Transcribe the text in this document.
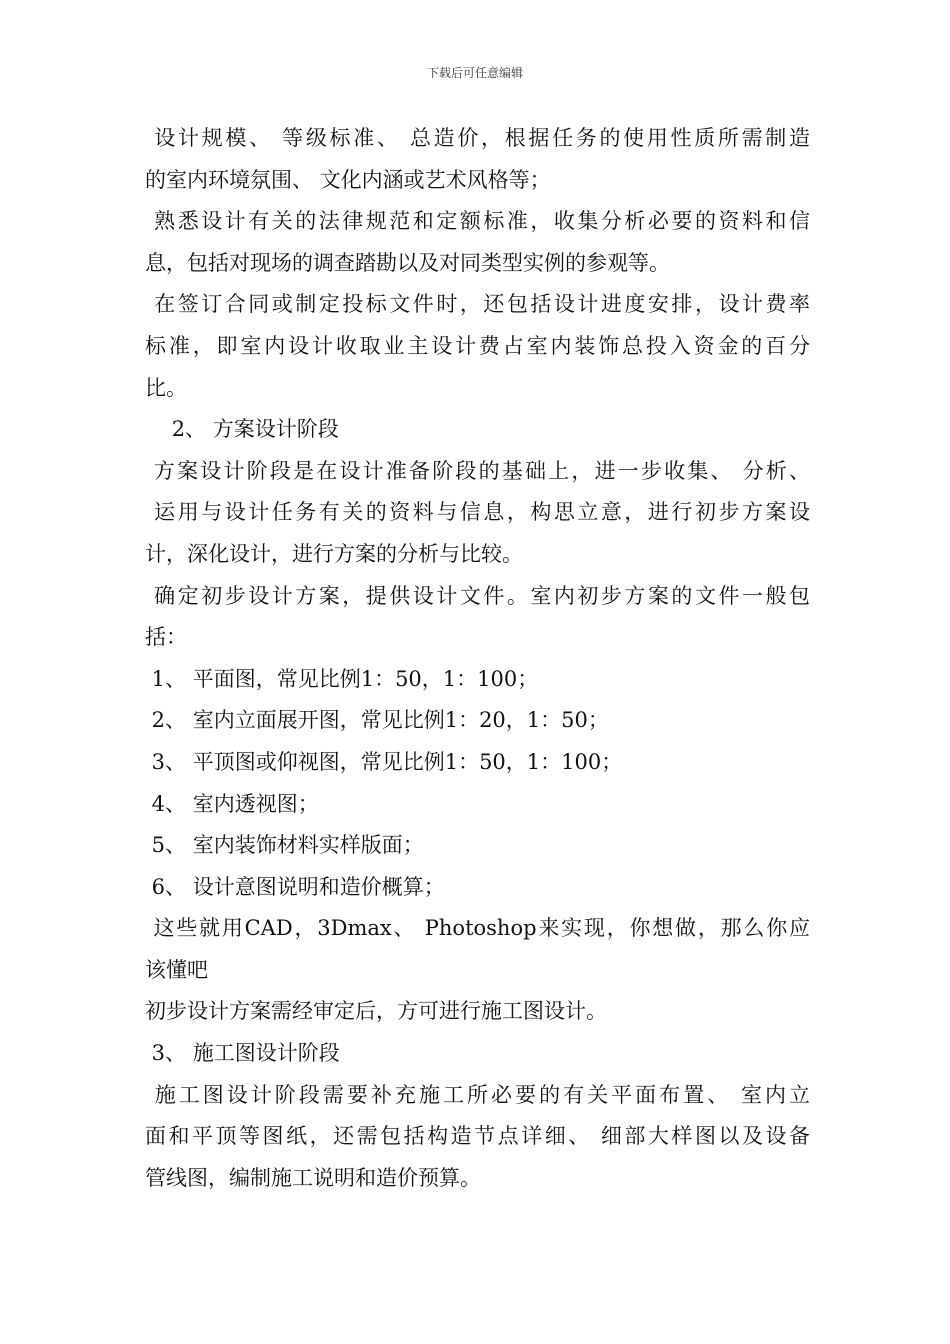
下载后可任意编辑
设计规模、 等级标准、 总造价，根据任务的使用性质所需制造
的室内环境氛围、 文化内涵或艺术风格等；
熟悉设计有关的法律规范和定额标准，收集分析必要的资料和信
息，包括对现场的调查踏勘以及对同类型实例的参观等。
在签订合同或制定投标文件时，还包括设计进度安排，设计费率
标准，即室内设计收取业主设计费占室内装饰总投入资金的百分
比。
2、 方案设计阶段
方案设计阶段是在设计准备阶段的基础上，进一步收集、 分析、
运用与设计任务有关的资料与信息，构思立意，进行初步方案设
计，深化设计，进行方案的分析与比较。
确定初步设计方案，提供设计文件。室内初步方案的文件一般包
括：
1、 平面图，常见比例1：50，1：100；
2、 室内立面展开图，常见比例1：20，1：50；
3、 平顶图或仰视图，常见比例1：50，1：100；
4、 室内透视图；
5、 室内装饰材料实样版面；
6、 设计意图说明和造价概算；
这些就用CAD，3Dmax、 Photoshop来实现，你想做，那么你应
该懂吧
初步设计方案需经审定后，方可进行施工图设计。
3、 施工图设计阶段
施工图设计阶段需要补充施工所必要的有关平面布置、 室内立
面和平顶等图纸，还需包括构造节点详细、 细部大样图以及设备
管线图，编制施工说明和造价预算。
